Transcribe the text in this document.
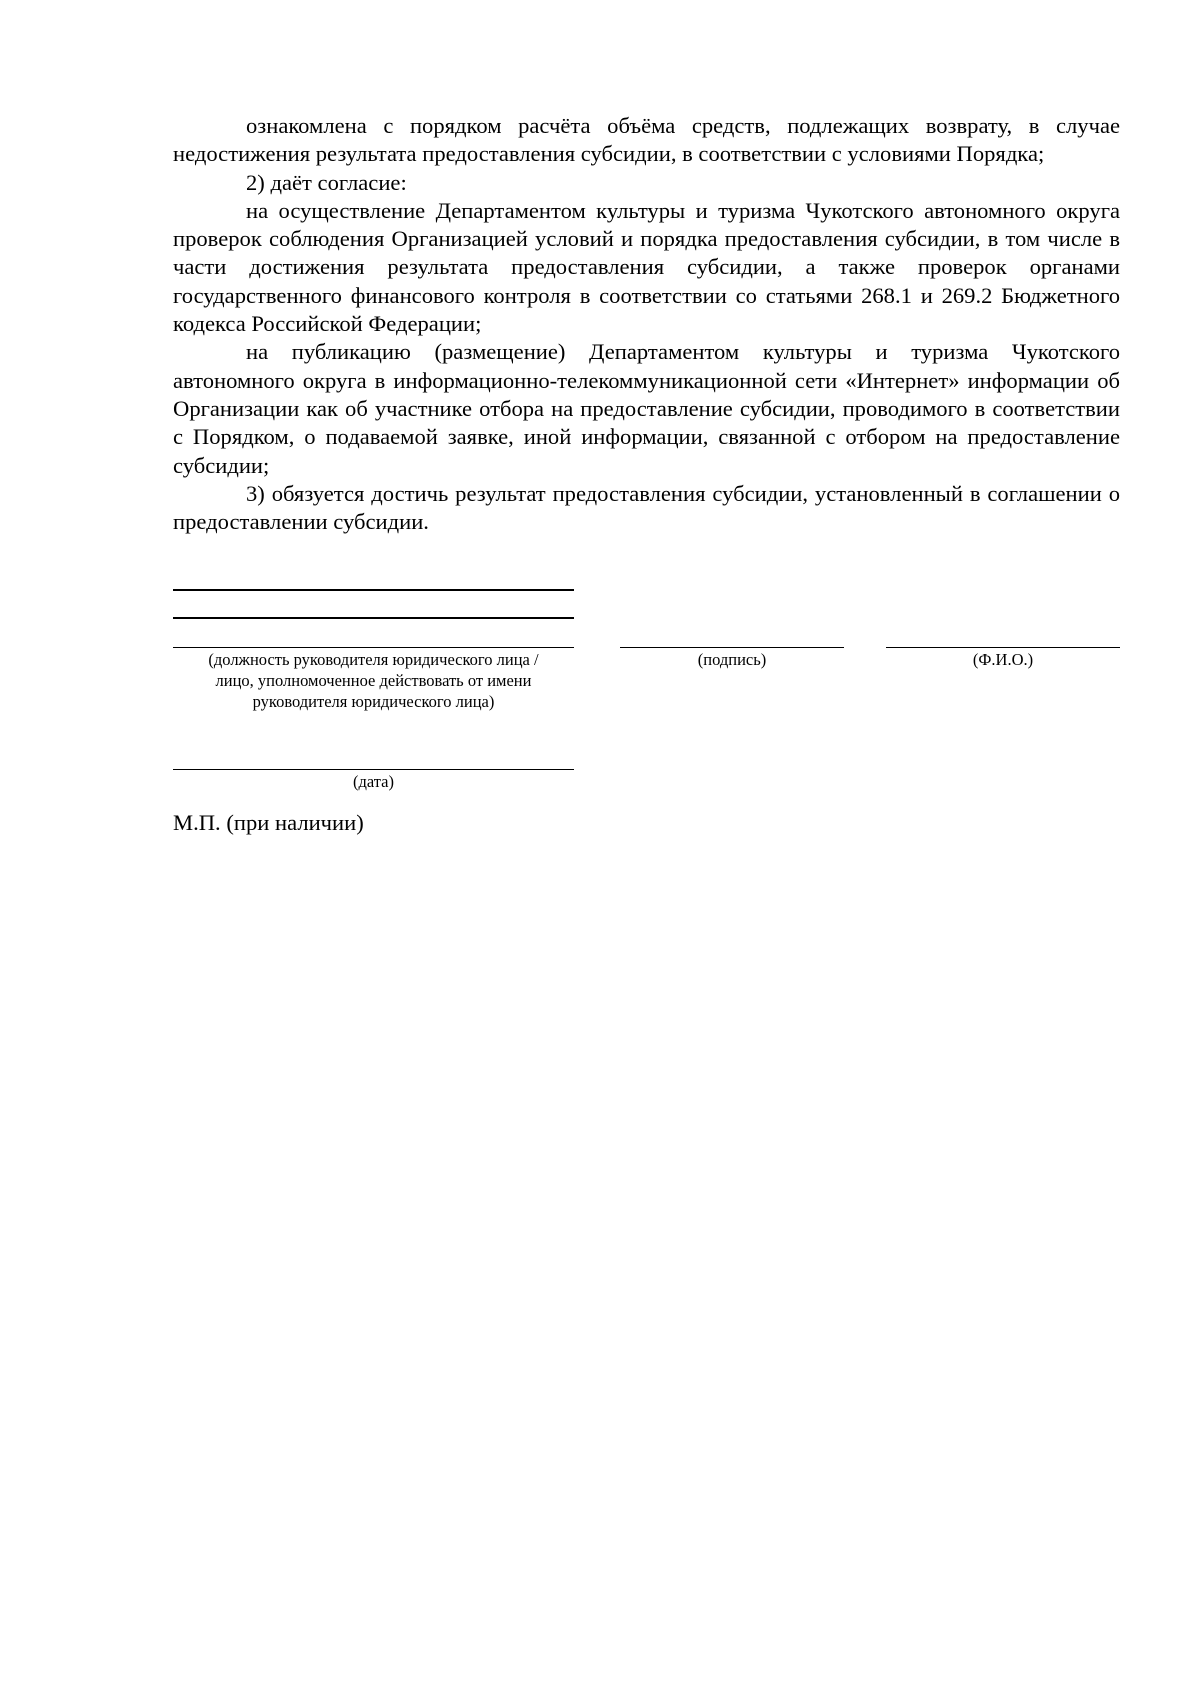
ознакомлена с порядком расчёта объёма средств, подлежащих возврату, в случае недостижения результата предоставления субсидии, в соответствии с условиями Порядка;

2) даёт согласие:

на осуществление Департаментом культуры и туризма Чукотского автономного округа проверок соблюдения Организацией условий и порядка предоставления субсидии, в том числе в части достижения результата предоставления субсидии, а также проверок органами государственного финансового контроля в соответствии со статьями 268.1 и 269.2 Бюджетного кодекса Российской Федерации;

на публикацию (размещение) Департаментом культуры и туризма Чукотского автономного округа в информационно-телекоммуникационной сети «Интернет» информации об Организации как об участнике отбора на предоставление субсидии, проводимого в соответствии с Порядком, о подаваемой заявке, иной информации, связанной с отбором на предоставление субсидии;

3) обязуется достичь результат предоставления субсидии, установленный в соглашении о предоставлении субсидии.

(должность руководителя юридического лица /
лицо, уполномоченное действовать от имени
руководителя юридического лица)
(подпись)	(Ф.И.О.)
(дата)
М.П. (при наличии)
